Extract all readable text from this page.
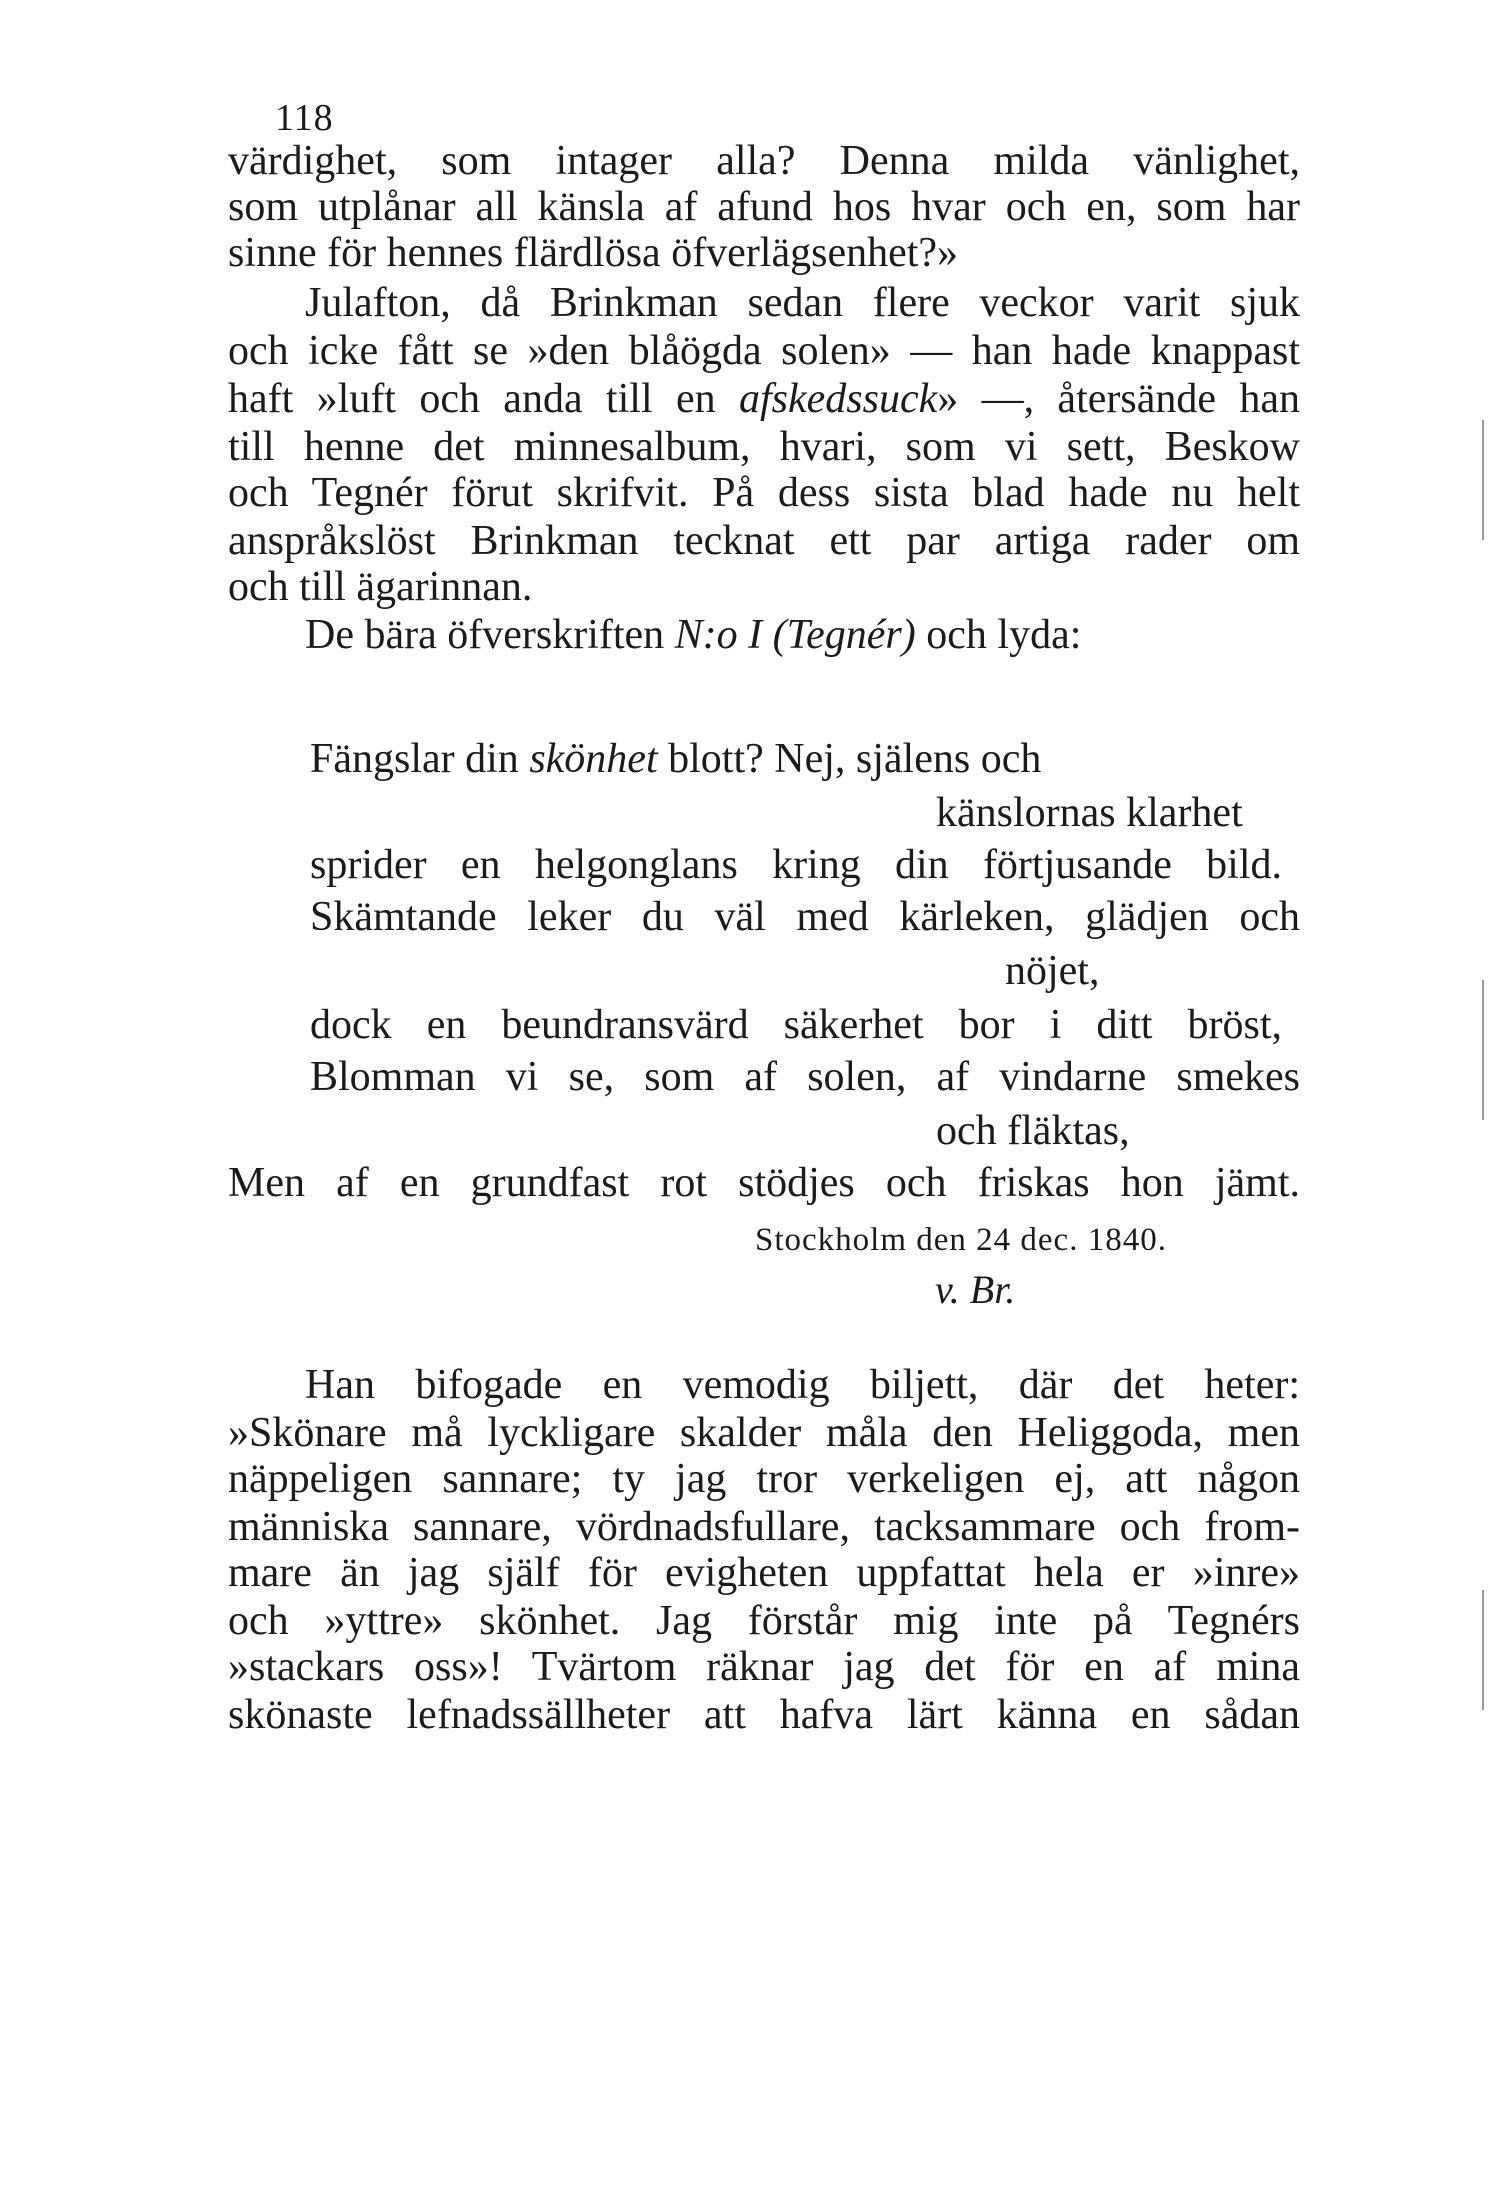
118
värdighet, som intager alla? Denna milda vänlighet,
som utplånar all känsla af afund hos hvar och en, som har
sinne för hennes flärdlösa öfverlägsenhet?»
Julafton, då Brinkman sedan flere veckor varit sjuk
och icke fått se »den blåögda solen» — han hade knappast
haft »luft och anda till en afskedssuck» —, återsände han
till henne det minnesalbum, hvari, som vi sett, Beskow
och Tegnér förut skrifvit. På dess sista blad hade nu helt
anspråkslöst Brinkman tecknat ett par artiga rader om
och till ägarinnan.
De bära öfverskriften N:o I (Tegnér) och lyda:
Fängslar din skönhet blott? Nej, själens och
känslornas klarhet
sprider en helgonglans kring din förtjusande bild.
Skämtande leker du väl med kärleken, glädjen och
nöjet,
dock en beundransvärd säkerhet bor i ditt bröst,
Blomman vi se, som af solen, af vindarne smekes
och fläktas,
Men af en grundfast rot stödjes och friskas hon jämt.
Stockholm den 24 dec. 1840.
v. Br.
Han bifogade en vemodig biljett, där det heter:
»Skönare må lyckligare skalder måla den Heliggoda, men
näppeligen sannare; ty jag tror verkeligen ej, att någon
människa sannare, vördnadsfullare, tacksammare och from-
mare än jag själf för evigheten uppfattat hela er »inre»
och »yttre» skönhet. Jag förstår mig inte på Tegnérs
»stackars oss»! Tvärtom räknar jag det för en af mina
skönaste lefnadssällheter att hafva lärt känna en sådan
